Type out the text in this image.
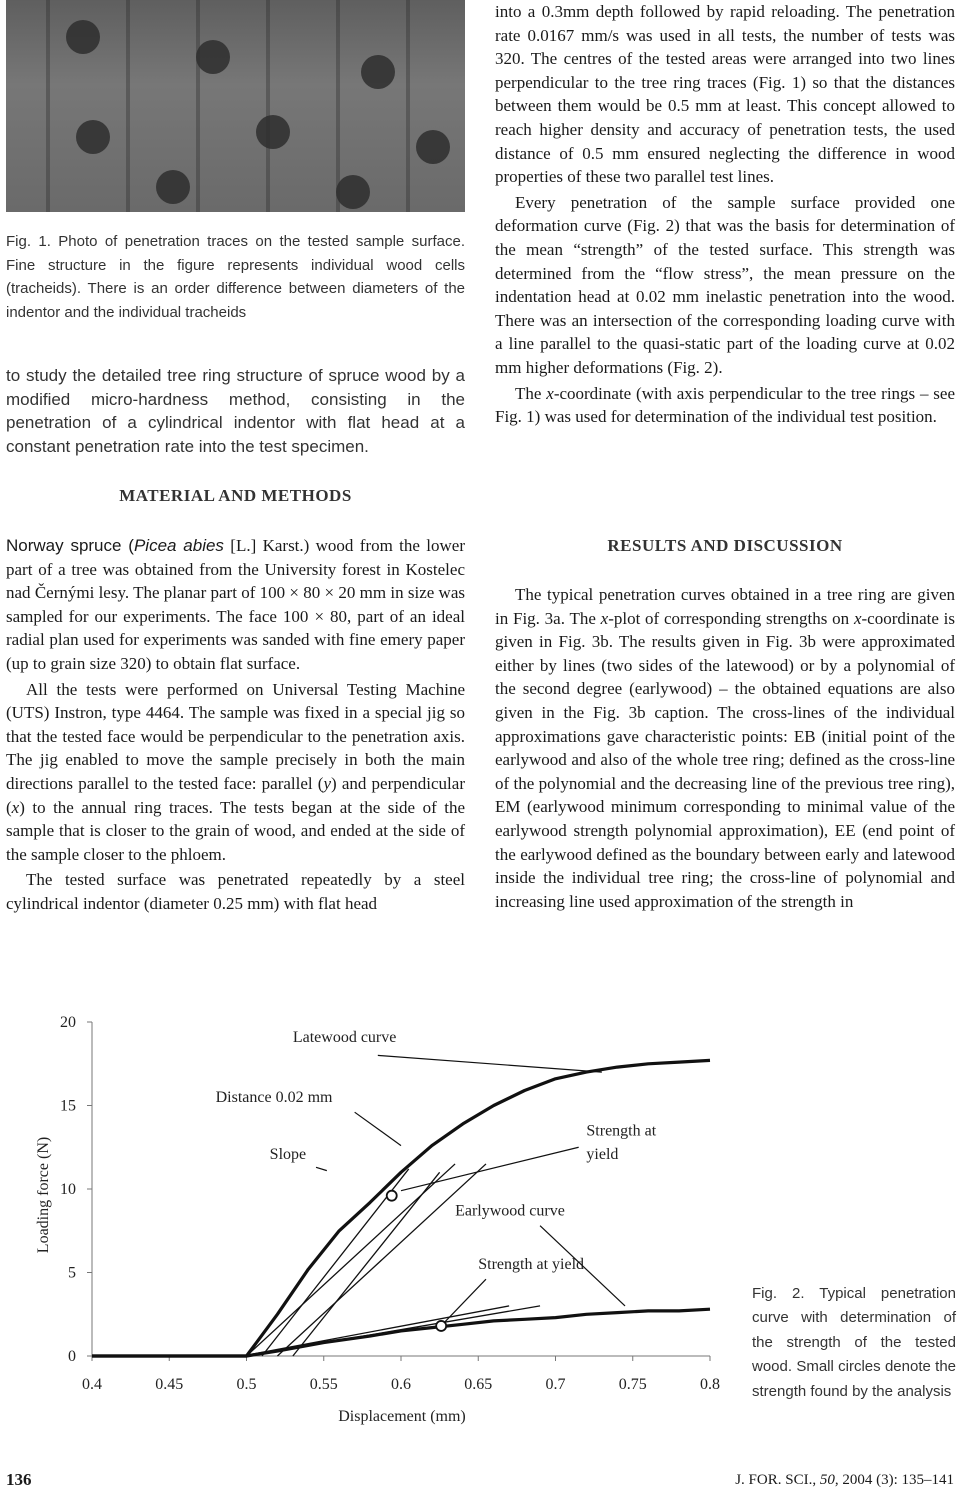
Fig. 1. Photo of penetration traces on the tested sample surface. Fine structure in the figure represents individual wood cells (tracheids). There is an order difference between diameters of the indentor and the individual tracheids

to study the detailed tree ring structure of spruce wood by a modified micro-hardness method, consisting in the penetration of a cylindrical indentor with flat head at a constant penetration rate into the test specimen.

MATERIAL AND METHODS

Norway spruce (Picea abies [L.] Karst.) wood from the lower part of a tree was obtained from the University forest in Kostelec nad Černými lesy. The planar part of 100 × 80 × 20 mm in size was sampled for our experiments. The face 100 × 80, part of an ideal radial plan used for experiments was sanded with fine emery paper (up to grain size 320) to obtain flat surface.

All the tests were performed on Universal Testing Machine (UTS) Instron, type 4464. The sample was fixed in a special jig so that the tested face would be perpendicular to the penetration axis. The jig enabled to move the sample precisely in both the main directions parallel to the tested face: parallel (y) and perpendicular (x) to the annual ring traces. The tests began at the side of the sample that is closer to the grain of wood, and ended at the side of the sample closer to the phloem.

The tested surface was penetrated repeatedly by a steel cylindrical indentor (diameter 0.25 mm) with flat head

into a 0.3mm depth followed by rapid reloading. The penetration rate 0.0167 mm/s was used in all tests, the number of tests was 320. The centres of the tested areas were arranged into two lines perpendicular to the tree ring traces (Fig. 1) so that the distances between them would be 0.5 mm at least. This concept allowed to reach higher density and accuracy of penetration tests, the used distance of 0.5 mm ensured neglecting the difference in wood properties of these two parallel test lines.

Every penetration of the sample surface provided one deformation curve (Fig. 2) that was the basis for determination of the mean “strength” of the tested surface. This strength was determined from the “flow stress”, the mean pressure on the indentation head at 0.02 mm inelastic penetration into the wood. There was an intersection of the corresponding loading curve with a line parallel to the quasi-static part of the loading curve at 0.02 mm higher deformations (Fig. 2).

The x-coordinate (with axis perpendicular to the tree rings – see Fig. 1) was used for determination of the individual test position.

RESULTS AND DISCUSSION

The typical penetration curves obtained in a tree ring are given in Fig. 3a. The x-plot of corresponding strengths on x-coordinate is given in Fig. 3b. The results given in Fig. 3b were approximated either by lines (two sides of the latewood) or by a polynomial of the second degree (earlywood) – the obtained equations are also given in the Fig. 3b caption. The cross-lines of the individual approximations gave characteristic points: EB (initial point of the earlywood and also of the whole tree ring; defined as the cross-line of the polynomial and the decreasing line of the previous tree ring), EM (earlywood minimum corresponding to minimal value of the earlywood strength polynomial approximation), EE (end point of the earlywood defined as the boundary between early and latewood inside the individual tree ring; the cross-line of polynomial and increasing line used approximation of the strength in

Latewood curve
Distance 0.02 mm
Slope
Strength at
yield
Earlywood curve
Strength at yield
0.4	0.45	0.5	0.55	0.6	0.65	0.7	0.75	0.8
0
5
10
15
20
Displacement (mm)
Loading force (N)
Fig. 2. Typical penetration curve with determination of the strength of the tested wood. Small circles denote the strength found by the analysis
136	J. FOR. SCI., 50, 2004 (3): 135–141
